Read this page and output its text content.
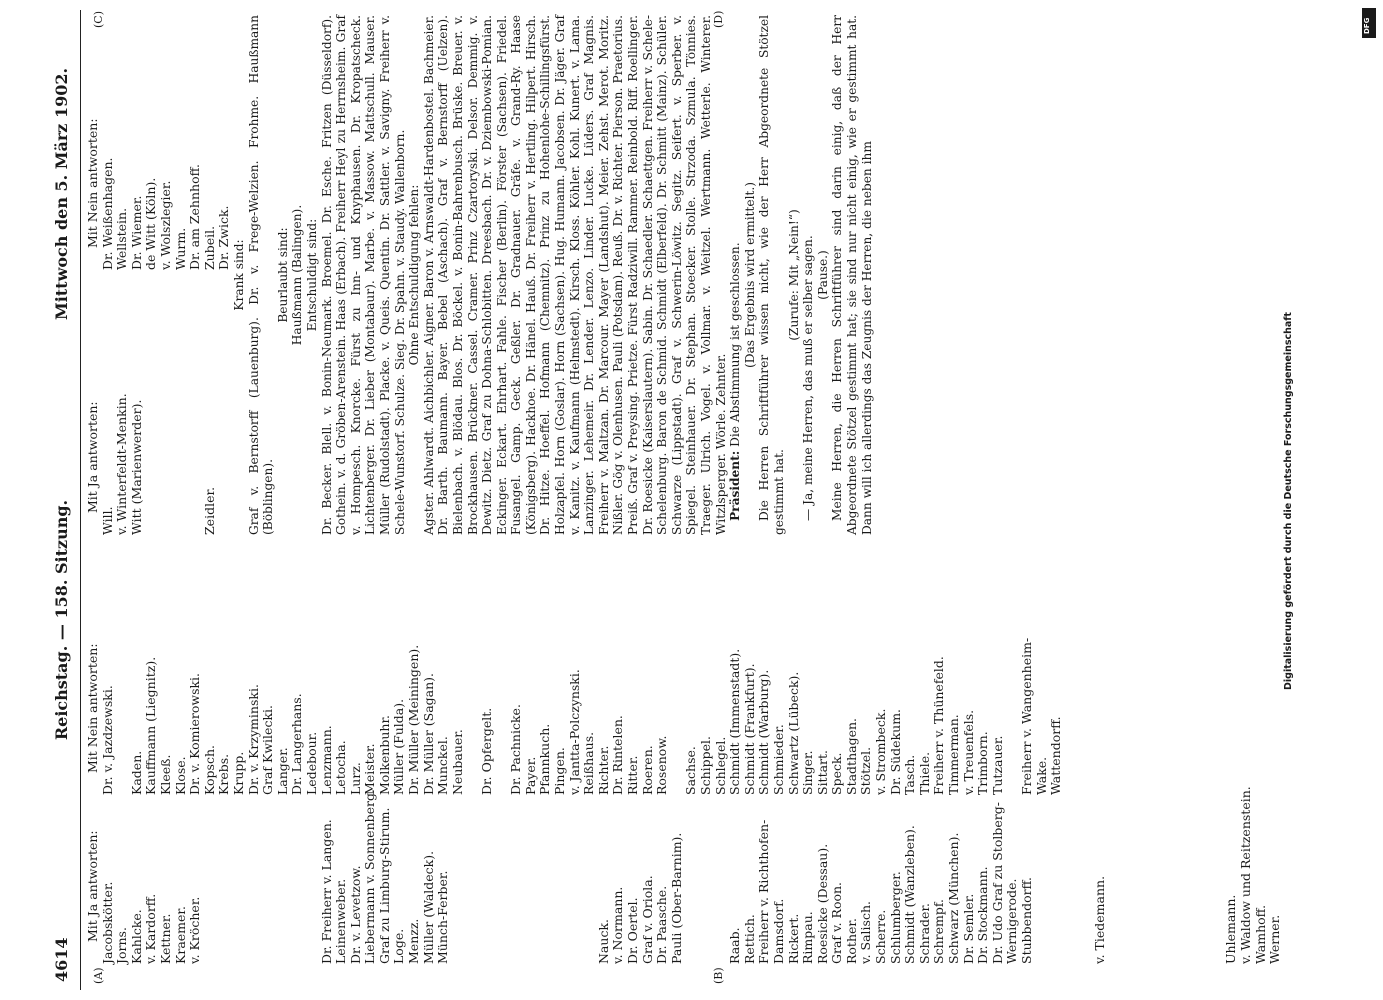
4614
Reichstag. — 158. Sitzung.
Mittwoch den 5. März 1902.
(A)	(B)
(C)	(D)
Mit Ja antworten: Jacobskötter. Jorns. Kahlcke. v. Kardorff. Kettner. Kraemer. v. Kröcher.	Dr. Freiherr v. Langen. Leinenweber. Dr. v. Levetzow. Liebermann v. Sonnenberg. Graf zu Limburg-Stirum. Loge. Menzz. Müller (Waldeck). Münch-Ferber.	Nauck. v. Normann. Dr. Oertel. Graf v. Oriola. Dr. Paasche. Pauli (Ober-Barnim).	Raab. Rettich. Freiherr v. Richthofen- Damsdorf. Rickert. Rimpau. Roesicke (Dessau). Graf v. Roon. Rother. v. Salisch. Scherre. Schlumberger. Schmidt (Wanzleben). Schrader. Schrempf. Schwarz (München). Dr. Semler. Dr. Stockmann. Dr. Udo Graf zu Stolberg- Wernigerode. Stubbendorff.	v. Tiedemann.	Uhlemann. v. Waldow und Reitzenstein. Wamhoff. Werner.
Mit Nein antworten: Dr. v. Jazdzewski. Kaden. Kauffmann (Liegnitz). Kleeß. Klose. Dr. v. Komierowski. Kopsch. Krebs. Krupp. Dr. v. Krzyminski. Graf Kwilecki. Langer. Dr. Langerhans. Ledebour. Lenzmann. Letocha. Lurz. Meister. Molkenbuhr. Müller (Fulda). Dr. Müller (Meiningen). Dr. Müller (Sagan). Munckel. Neubauer. Dr. Opfergelt. Dr. Pachnicke. Payer. Pfannkuch. Pingen. v. Jantta-Polczynski. Reißhaus. Richter. Dr. Rintelen. Ritter. Roeren. Rosenow. Sachse. Schippel. Schlegel. Schmidt (Immenstadt). Schmidt (Frankfurt). Schmidt (Warburg). Schmieder. Schwartz (Lübeck). Singer. Sittart. Speck. Stadthagen. Stötzel. v. Strombeck. Dr. Südekum. Tasch. Thiele. Freiherr v. Thünefeld. Timmerman. v. Treuenfels. Trimborn. Tutzauer. Freiherr v. Wangenheim- Wake. Wattendorff.
Mit Ja antworten:
Will. v. Winterfeldt-Menkin. Witt (Marienwerder).	Zeidler.
Mit Nein antworten: Dr. Weißenhagen. Wellstein. Dr. Wiemer. de Witt (Köln). v. Wolszlegier. Wurm. Dr. am Zehnhoff. Zubeil. Dr. Zwick.
Krank sind: Graf v. Bernstorff (Lauenburg). Dr. v. Frege-Welzien. Frohme. Haußmann (Böblingen).
Beurlaubt sind: Haußmann (Balingen). Entschuldigt sind: Dr. Becker. Blell. v. Bonin-Neumark. Broemel. Dr. Esche. Fritzen (Düsseldorf). Gothein. v. d. Gröben-Arenstein. Haas (Erbach). Freiherr Heyl zu Herrnsheim. Graf v. Hompesch. Knorcke. Fürst zu Inn- und Knyphausen. Dr. Kropatscheck. Lichtenberger. Dr. Lieber (Montabaur). Marbe. v. Massow. Mattschull. Mauser. Müller (Rudolstadt). Placke. v. Queis. Quentin. Dr. Sattler. v. Savigny. Freiherr v. Schele-Wunstorf. Schulze. Sieg. Dr. Spahn. v. Staudy. Wallenborn. Ohne Entschuldigung fehlen: Agster. Ahlwardt. Aichbichler. Aigner. Baron v. Arnswaldt-Hardenbostel. Bachmeier. Dr. Barth. Baumann. Bayer. Bebel (Aschach). Graf v. Bernstorff (Uelzen). Bielenbach. v. Blödau. Blos. Dr. Böckel. v. Bonin-Bahrenbusch. Brüske. Breuer. v. Brockhausen. Brückner. Cassel. Cramer. Prinz Czartoryski. Delsor. Demmig. v. Dewitz. Dietz. Graf zu Dohna-Schlobitten. Dreesbach. Dr. v. Dziembowski-Pomian. Eckinger. Eckart. Ehrhart. Fahle. Fischer (Berlin). Förster (Sachsen). Friedel. Fusangel. Gamp. Geck. Geßler. Dr. Gradnauer. Gräfe. v. Grand-Ry. Haase (Königsberg). Hackhoe. Dr. Hänel. Hauß. Dr. Freiherr v. Hertling. Hilpert. Hirsch. Dr. Hitze. Hoeffel. Hofmann (Chemnitz). Prinz zu Hohenlohe-Schillingsfürst. Holzapfel. Horn (Goslar). Horn (Sachsen). Hug. Humann. Jacobsen. Dr. Jäger. Graf v. Kanitz. v. Kaufmann (Helmstedt). Kirsch. Kloss. Köhler. Kohl. Kunert. v. Lama. Lanzinger. Lehemeir. Dr. Lender. Lenzo. Linder. Lucke. Lüders. Graf Magnis. Freiherr v. Maltzan. Dr. Marcour. Mayer (Landshut). Meier. Zehst. Merot. Moritz. Nißler. Gög v. Olenhusen. Pauli (Potsdam). Reuß. Dr. v. Richter. Pierson. Praetorius. Preiß. Graf v. Preysing. Prietze. Fürst Radziwill. Rammer. Reinbold. Riff. Roellinger. Dr. Roesicke (Kaiserslautern). Sabin. Dr. Schaedler. Schaettgen. Freiherr v. Schele-Schelenburg. Baron de Schmid. Schmidt (Elberfeld). Dr. Schmitt (Mainz). Schüler. Schwarze (Lippstadt). Graf v. Schwerin-Löwitz. Segitz. Seifert. v. Sperber. v. Spiegel. Steinhauer. Dr. Stephan. Stoecker. Stolle. Strzoda. Szmula. Tönnies. Traeger. Ulrich. Vogel. v. Vollmar. v. Weitzel. Wertmann. Wetterle. Winterer. Witzlsperger. Wörle. Zehnter. Präsident: Die Abstimmung ist geschlossen. (Das Ergebnis wird ermittelt.) Die Herren Schriftführer wissen nicht, wie der Herr Abgeordnete Stötzel gestimmt hat.
(Zurufe: Mit „Nein!“) — Ja, meine Herren, das muß er selber sagen. (Pause.) Meine Herren, die Herren Schriftführer sind darin einig, daß der Herr Abgeordnete Stötzel gestimmt hat; sie sind nur nicht einig, wie er gestimmt hat. Dann will ich allerdings das Zeugnis der Herren, die neben ihm	Digitalisierung gefördert durch die Deutsche Forschungsgemeinschaft
DFG
